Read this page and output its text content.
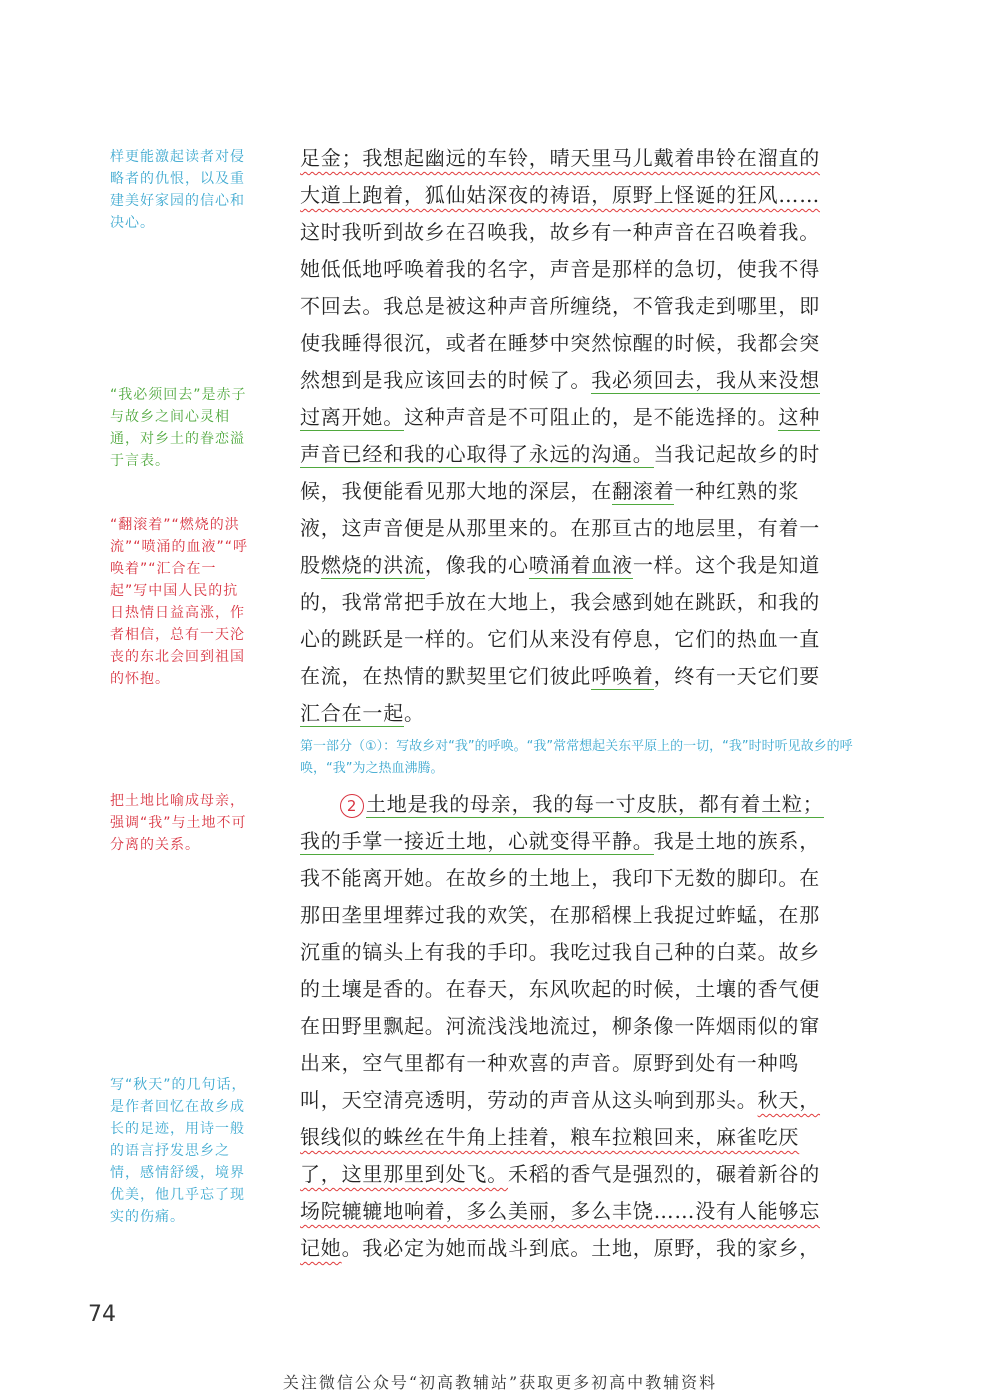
样更能激起读者对侵略者的仇恨，以及重建美好家园的信心和决心。
“我必须回去”是赤子与故乡之间心灵相通，对乡土的眷恋溢于言表。
“翻滚着”“燃烧的洪流”“喷涌的血液”“呼唤着”“汇合在一起”写中国人民的抗日热情日益高涨，作者相信，总有一天沦丧的东北会回到祖国的怀抱。
把土地比喻成母亲，强调“我”与土地不可分离的关系。
写“秋天”的几句话，是作者回忆在故乡成长的足迹，用诗一般的语言抒发思乡之情，感情舒缓，境界优美，他几乎忘了现实的伤痛。
足金；我想起幽远的车铃，晴天里马儿戴着串铃在溜直的
大道上跑着，狐仙姑深夜的祷语，原野上怪诞的狂风……
这时我听到故乡在召唤我，故乡有一种声音在召唤着我。
她低低地呼唤着我的名字，声音是那样的急切，使我不得
不回去。我总是被这种声音所缠绕，不管我走到哪里，即
使我睡得很沉，或者在睡梦中突然惊醒的时候，我都会突
然想到是我应该回去的时候了。我必须回去，我从来没想
过离开她。这种声音是不可阻止的，是不能选择的。这种
声音已经和我的心取得了永远的沟通。当我记起故乡的时
候，我便能看见那大地的深层，在翻滚着一种红熟的浆
液，这声音便是从那里来的。在那亘古的地层里，有着一
股燃烧的洪流，像我的心喷涌着血液一样。这个我是知道
的，我常常把手放在大地上，我会感到她在跳跃，和我的
心的跳跃是一样的。它们从来没有停息，它们的热血一直
在流，在热情的默契里它们彼此呼唤着，终有一天它们要
汇合在一起。
第一部分（①）：写故乡对“我”的呼唤。“我”常常想起关东平原上的一切，“我”时时听见故乡的呼唤，“我”为之热血沸腾。
2 土地是我的母亲，我的每一寸皮肤，都有着土粒；
我的手掌一接近土地，心就变得平静。我是土地的族系，
我不能离开她。在故乡的土地上，我印下无数的脚印。在
那田垄里埋葬过我的欢笑，在那稻棵上我捉过蚱蜢，在那
沉重的镐头上有我的手印。我吃过我自己种的白菜。故乡
的土壤是香的。在春天，东风吹起的时候，土壤的香气便
在田野里飘起。河流浅浅地流过，柳条像一阵烟雨似的窜
出来，空气里都有一种欢喜的声音。原野到处有一种鸣
叫，天空清亮透明，劳动的声音从这头响到那头。秋天，
银线似的蛛丝在牛角上挂着，粮车拉粮回来，麻雀吃厌
了，这里那里到处飞。禾稻的香气是强烈的，碾着新谷的
场院辘辘地响着，多么美丽，多么丰饶……没有人能够忘
记她。我必定为她而战斗到底。土地，原野，我的家乡，
74
关注微信公众号“初高教辅站”获取更多初高中教辅资料
